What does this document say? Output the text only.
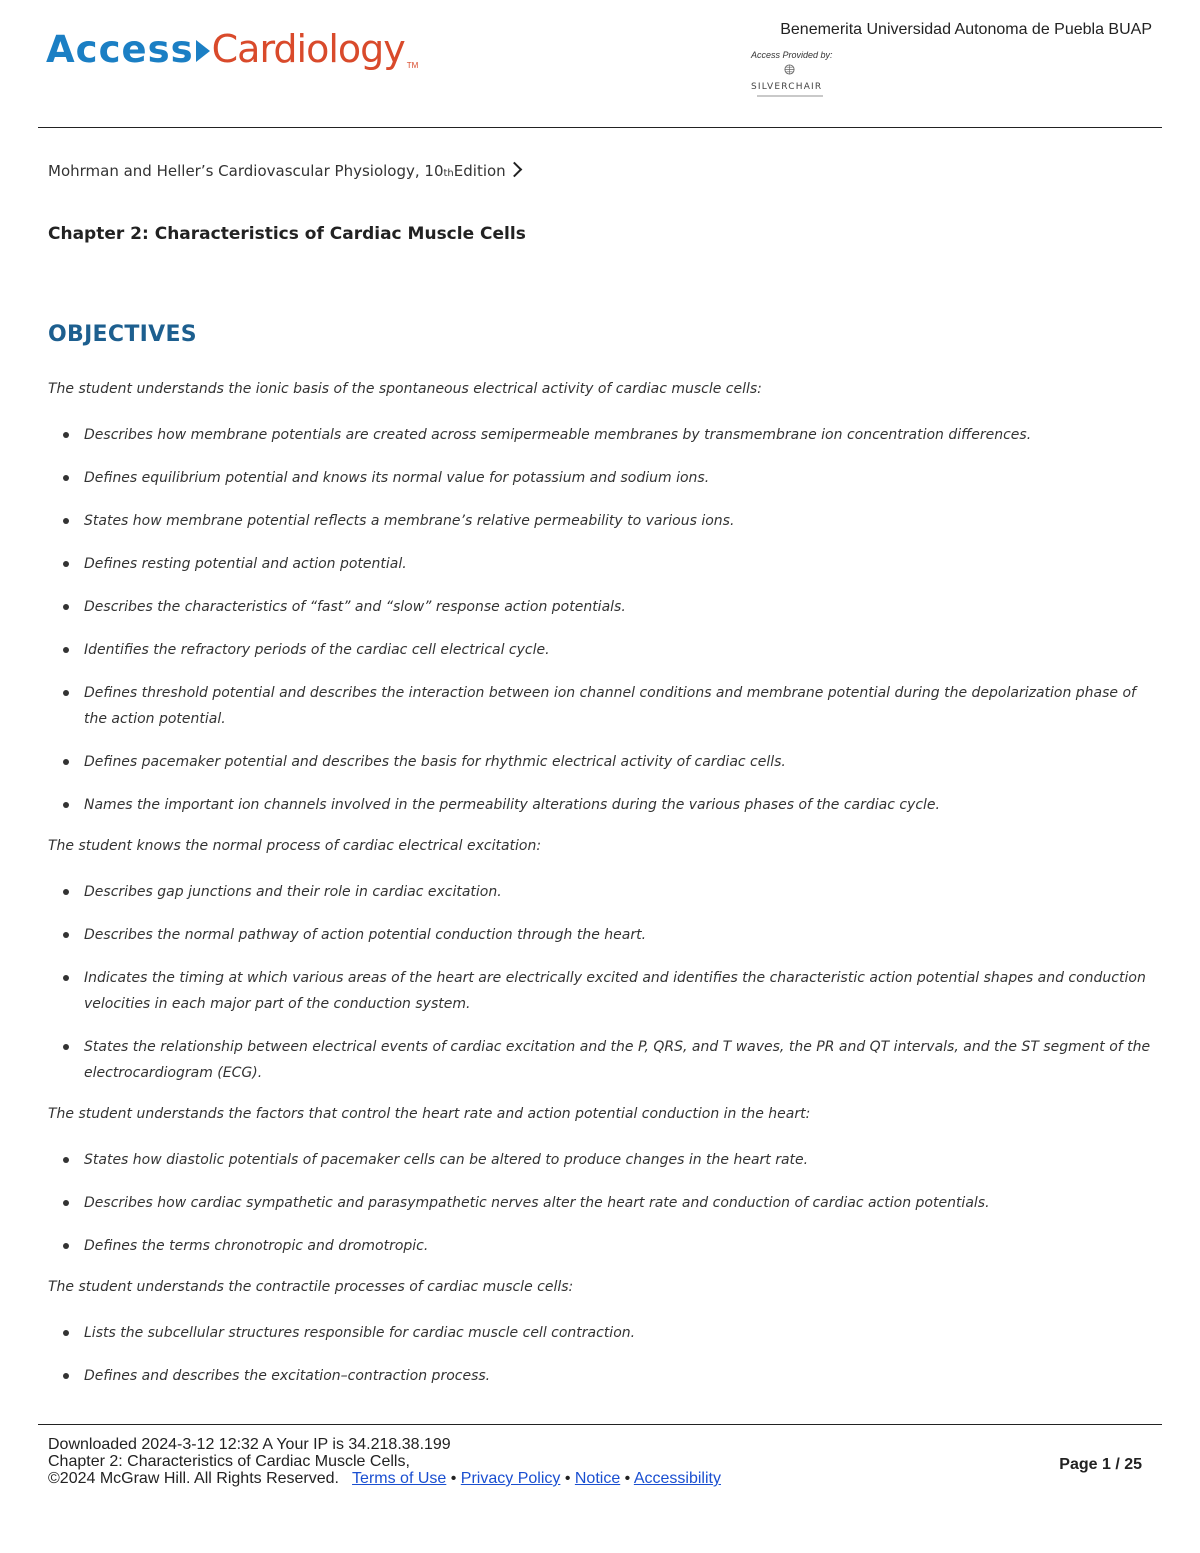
Access Cardiology TM
Benemerita Universidad Autonoma de Puebla BUAP
Access Provided by:
SILVERCHAIR
Mohrman and Heller’s Cardiovascular Physiology, 10 th Edition
Chapter 2: Characteristics of Cardiac Muscle Cells
OBJECTIVES

The student understands the ionic basis of the spontaneous electrical activity of cardiac muscle cells:

Describes how membrane potentials are created across semipermeable membranes by transmembrane ion concentration differences.
Defines equilibrium potential and knows its normal value for potassium and sodium ions.
States how membrane potential reflects a membrane’s relative permeability to various ions.
Defines resting potential and action potential.
Describes the characteristics of “fast” and “slow” response action potentials.
Identifies the refractory periods of the cardiac cell electrical cycle.
Defines threshold potential and describes the interaction between ion channel conditions and membrane potential during the depolarization phase of the action potential.
Defines pacemaker potential and describes the basis for rhythmic electrical activity of cardiac cells.
Names the important ion channels involved in the permeability alterations during the various phases of the cardiac cycle.

The student knows the normal process of cardiac electrical excitation:

Describes gap junctions and their role in cardiac excitation.
Describes the normal pathway of action potential conduction through the heart.
Indicates the timing at which various areas of the heart are electrically excited and identifies the characteristic action potential shapes and conduction velocities in each major part of the conduction system.
States the relationship between electrical events of cardiac excitation and the P, QRS, and T waves, the PR and QT intervals, and the ST segment of the electrocardiogram (ECG).

The student understands the factors that control the heart rate and action potential conduction in the heart:

States how diastolic potentials of pacemaker cells can be altered to produce changes in the heart rate.
Describes how cardiac sympathetic and parasympathetic nerves alter the heart rate and conduction of cardiac action potentials.
Defines the terms chronotropic and dromotropic.

The student understands the contractile processes of cardiac muscle cells:

Lists the subcellular structures responsible for cardiac muscle cell contraction.
Defines and describes the excitation–contraction process.
Downloaded 2024-3-12 12:32 A Your IP is 34.218.38.199
Chapter 2: Characteristics of Cardiac Muscle Cells,
©2024 McGraw Hill. All Rights Reserved. Terms of Use • Privacy Policy • Notice • Accessibility
Page 1 / 25
